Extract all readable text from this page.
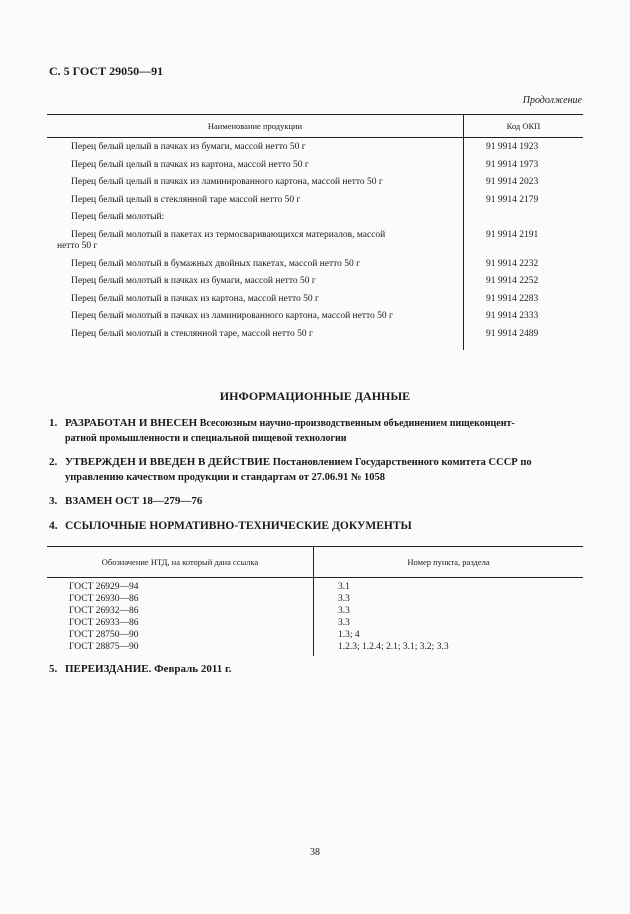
С. 5 ГОСТ 29050—91
Продолжение
Наименование продукции	Код ОКП
Перец белый целый в пачках из бумаги, массой нетто 50 г
Перец белый целый в пачках из картона, массой нетто 50 г
Перец белый целый в пачках из ламинированного картона, массой нетто 50 г
Перец белый целый в стеклянной таре массой нетто 50 г
Перец белый молотый:
Перец белый молотый в пакетах из термосваривающихся материалов, массой
нетто 50 г
Перец белый молотый в бумажных двойных пакетах, массой нетто 50 г
Перец белый молотый в пачках из бумаги, массой нетто 50 г
Перец белый молотый в пачках из картона, массой нетто 50 г
Перец белый молотый в пачках из ламинированного картона, массой нетто 50 г
Перец белый молотый в стеклянной таре, массой нетто 50 г
91 9914 1923
91 9914 1973
91 9914 2023
91 9914 2179
91 9914 2191
91 9914 2232
91 9914 2252
91 9914 2283
91 9914 2333
91 9914 2489
ИНФОРМАЦИОННЫЕ ДАННЫЕ
1. РАЗРАБОТАН И ВНЕСЕН Всесоюзным научно-производственным объединением пищеконцент-
ратной промышленности и специальной пищевой технологии
2. УТВЕРЖДЕН И ВВЕДЕН В ДЕЙСТВИЕ Постановлением Государственного комитета СССР по
управлению качеством продукции и стандартам от 27.06.91 № 1058
3. ВЗАМЕН ОСТ 18—279—76
4. ССЫЛОЧНЫЕ НОРМАТИВНО-ТЕХНИЧЕСКИЕ ДОКУМЕНТЫ
Обозначение НТД, на который дана ссылка	Номер пункта, раздела
ГОСТ 26929—94
ГОСТ 26930—86
ГОСТ 26932—86
ГОСТ 26933—86
ГОСТ 28750—90
ГОСТ 28875—90
3.1
3.3
3.3
3.3
1.3; 4
1.2.3; 1.2.4; 2.1; 3.1; 3.2; 3.3
5. ПЕРЕИЗДАНИЕ. Февраль 2011 г.
38
